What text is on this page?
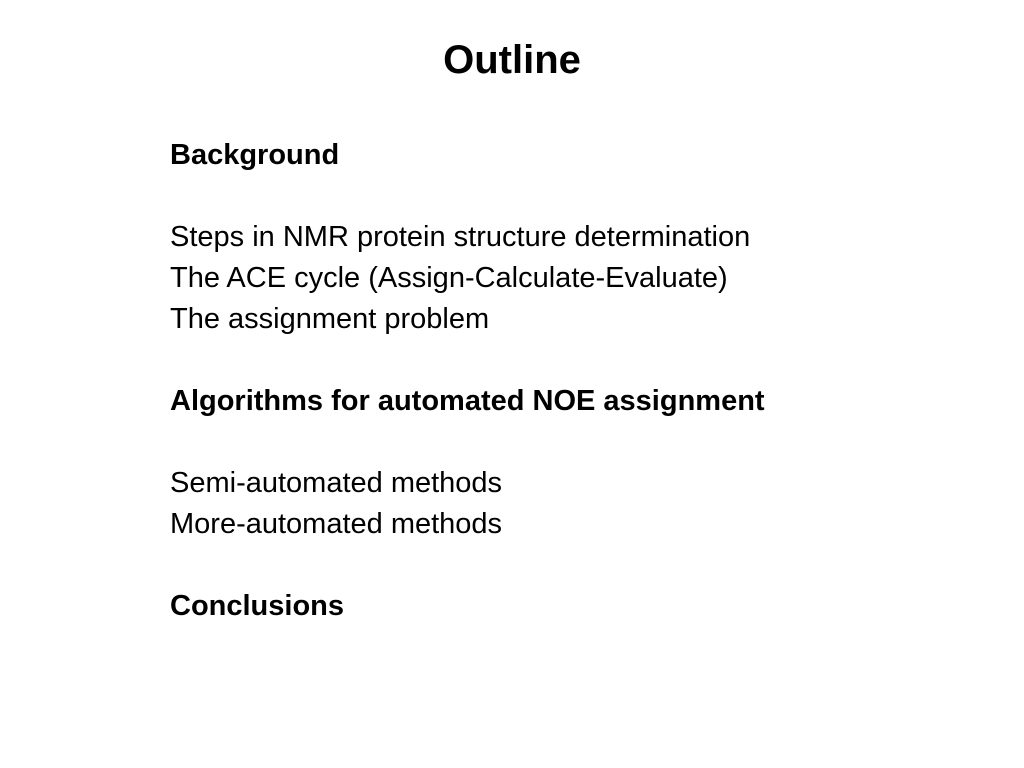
Outline
Background
Steps in NMR protein structure determination
The ACE cycle (Assign-Calculate-Evaluate)
The assignment problem
Algorithms for automated NOE assignment
Semi-automated methods
More-automated methods
Conclusions
